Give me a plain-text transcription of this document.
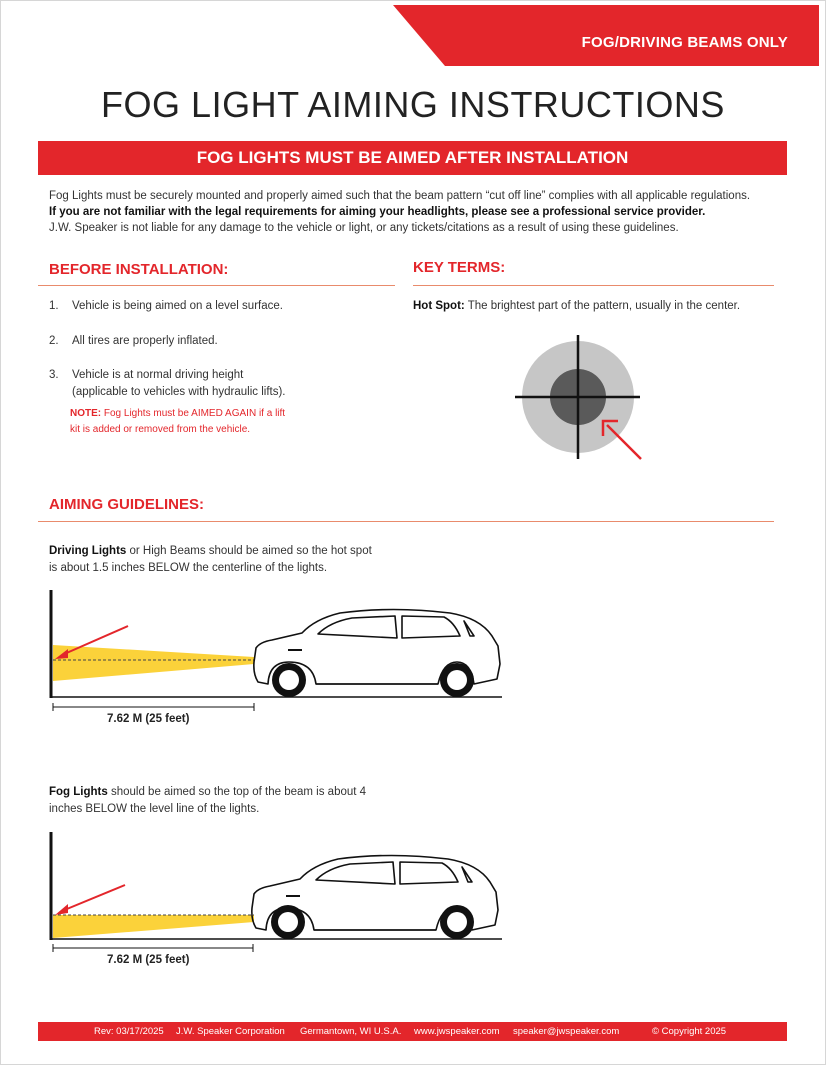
FOG/DRIVING BEAMS ONLY
FOG LIGHT AIMING INSTRUCTIONS
FOG LIGHTS MUST BE AIMED AFTER INSTALLATION
Fog Lights must be securely mounted and properly aimed such that the beam pattern “cut off line” complies with all applicable regulations.
If you are not familiar with the legal requirements for aiming your headlights, please see a professional service provider.
J.W. Speaker is not liable for any damage to the vehicle or light, or any tickets/citations as a result of using these guidelines.
BEFORE INSTALLATION:
1. Vehicle is being aimed on a level surface.
2. All tires are properly inflated.
3. Vehicle is at normal driving height
(applicable to vehicles with hydraulic lifts).
NOTE: Fog Lights must be AIMED AGAIN if a lift
kit is added or removed from the vehicle.
KEY TERMS:
Hot Spot: The brightest part of the pattern, usually in the center.
AIMING GUIDELINES:
Driving Lights or High Beams should be aimed so the hot spot
is about 1.5 inches BELOW the centerline of the lights.
7.62 M (25 feet)
Fog Lights should be aimed so the top of the beam is about 4
inches BELOW the level line of the lights.
7.62 M (25 feet)
Rev: 03/17/2025 J.W. Speaker Corporation Germantown, WI U.S.A. www.jwspeaker.com speaker@jwspeaker.com	© Copyright 2025
